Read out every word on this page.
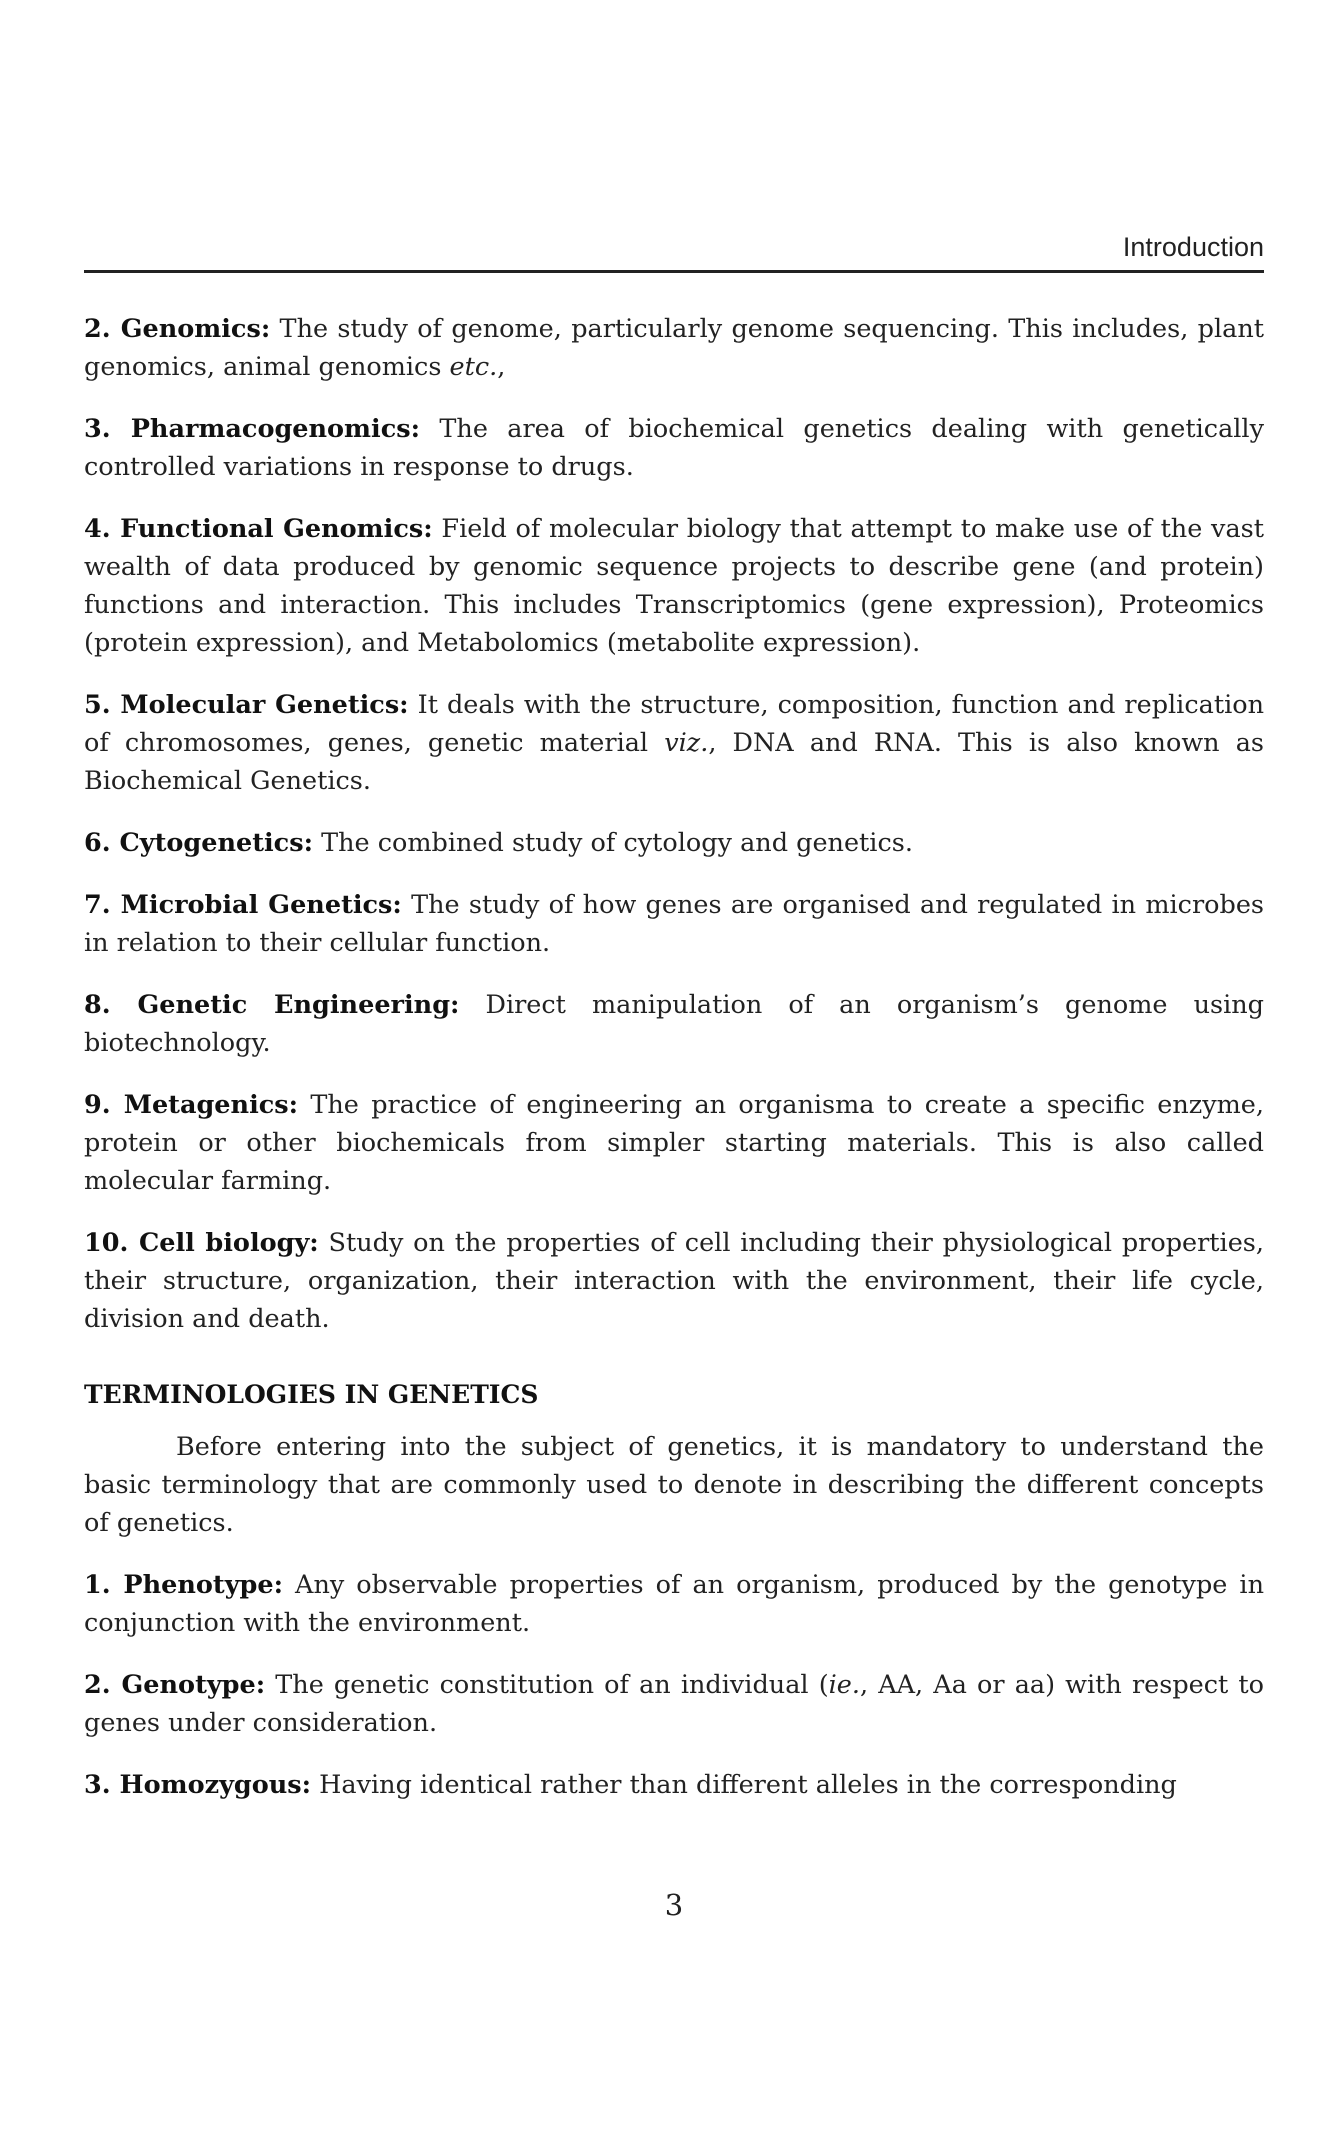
Introduction

2. Genomics: The study of genome, particularly genome sequencing. This includes, plant genomics, animal genomics etc.,

3. Pharmacogenomics: The area of biochemical genetics dealing with genetically controlled variations in response to drugs.

4. Functional Genomics: Field of molecular biology that attempt to make use of the vast wealth of data produced by genomic sequence projects to describe gene (and protein) functions and interaction. This includes Transcriptomics (gene expression), Proteomics (protein expression), and Metabolomics (metabolite expression).

5. Molecular Genetics: It deals with the structure, composition, function and replication of chromosomes, genes, genetic material viz., DNA and RNA. This is also known as Biochemical Genetics.

6. Cytogenetics: The combined study of cytology and genetics.

7. Microbial Genetics: The study of how genes are organised and regulated in microbes in relation to their cellular function.

8. Genetic Engineering: Direct manipulation of an organism’s genome using biotechnology.

9. Metagenics: The practice of engineering an organisma to create a specific enzyme, protein or other biochemicals from simpler starting materials. This is also called molecular farming.

10. Cell biology: Study on the properties of cell including their physiological properties, their structure, organization, their interaction with the environment, their life cycle, division and death.

TERMINOLOGIES IN GENETICS

Before entering into the subject of genetics, it is mandatory to understand the basic terminology that are commonly used to denote in describing the different concepts of genetics.

1. Phenotype: Any observable properties of an organism, produced by the genotype in conjunction with the environment.

2. Genotype: The genetic constitution of an individual (ie., AA, Aa or aa) with respect to genes under consideration.

3. Homozygous: Having identical rather than different alleles in the corresponding

3
